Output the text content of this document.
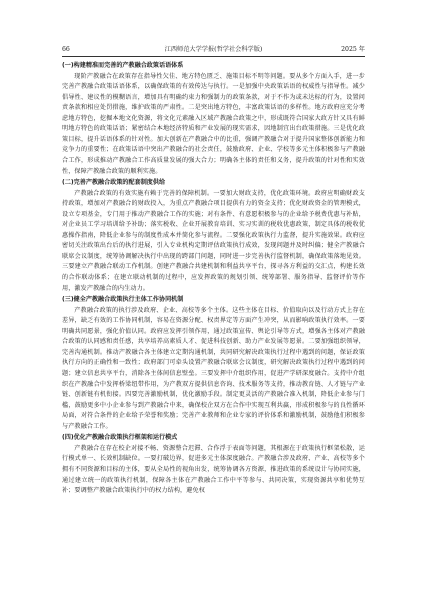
66	江西师范大学学报(哲学社会科学版)	2025 年
(一)构建精准而完善的产教融合政策话语体系

现阶产教融合在政策存在指导性欠佳、地方特色匮乏、施策目标不明等问题。要从多个方面入手，进一步完善产教融合政策话语体系，以确保政策的有效传达与执行。一是加强中央政策话语的权威性与指导性。减少倡导性、建议性的模糊语言，增加具有明确约束力和强制力的政策条款，对于不作为或未达标的行为，设置问责条款和相应处罚措施，维护政策的严肃性。二是突出地方特色，丰富政策话语的多样性。地方政府应充分考虑地方特色，挖掘本地文化资源，将文化元素融入区域产教融合政策之中，形成既符合国家大政方针又具有鲜明地方特色的政策话语；紧密结合本地经济特质和产业发展的现实需求，因地制宜出台政策措施。三是优化政策目标，提升话语体系的针对性。加大创新在产教融合中的比重，强调产教融合对于提升国家整体创新能力和竞争力的重要性；在政策话语中突出产教融合的社会责任，鼓励政府、企业、学校等多元主体积极参与产教融合工作，形成推动产教融合工作高质量发展的强大合力；明确各主体的责任和义务，提升政策的针对性和实效性，保障产教融合政策的顺利实施。

(二)完善产教融合政策的配套制度供给

产教融合政策的有效实施有赖于完善的保障机制。一要加大财政支持，优化政策环境。政府应明确财政支持政策，增加对产教融合的财政投入，为重点产教融合项目提供有力的资金支持；优化财政资金的管理模式，设立专项基金，专门用于推动产教融合工作的实施；对有条件、有意愿积极参与的企业给予税费优惠与补贴，对企业员工学习培训给予补助；落实税收、企业开展教育培训、实习实训的税收优惠政策，制定具体的税收优惠操作指南，降低企业参与的制度性成本并简化参与流程。二要强化政策执行力监督，提升实施效果。政府应密切关注政策出台后的执行进展，引入专业机构定期评估政策执行成效，发现问题并及时纠偏；健全产教融合联席会议制度，统筹协调解决执行中出现的跨部门问题，同时进一步完善执行监督机制，确保政策落地见效。三要建立产教融合联动工作机制。创建产教融合共建机制和利益共享平台，探寻各方利益的交汇点，构建长效的合作联动体系；在建立联动机制的过程中，应发挥政策的规划引领、统筹部署、服务指导、监督评价等作用，激发产教融合的内生动力。

(三)健全产教融合政策执行主体工作协同机制

产教融合政策的执行涉及政府、企业、高校等多个主体。这些主体在目标、价值取向以及行动方式上存在差异，缺乏有效的工作协同机制，容易在资源分配、权责界定等方面产生冲突，从而影响政策执行效率。一要明确共同愿景，强化价值认同。政府应发挥引领作用，通过政策宣传、舆论引导等方式，增强各主体对产教融合政策的认同感和责任感，共享培养高素质人才、促进科技创新、助力产业发展等愿景。二要加强组织领导，完善沟通机制。推动产教融合各主体建立定期沟通机制，共同研究解决政策执行过程中遇到的问题，保证政策执行方向的正确性和一致性；政府部门可牵头设置产教融合联席会议制度，研究解决政策执行过程中遇到的问题；建立信息共享平台，消除各主体间信息壁垒。三要发挥中介组织作用，促进产学研深度融合。支持中介组织在产教融合中发挥桥梁纽带作用，为产教双方提供信息咨询、技术服务等支持，推动教育链、人才链与产业链、创新链有机衔接。四要完善激励机制，优化激励手段。制定更灵活的产教融合准入机制，降低企业参与门槛，鼓励更多中小企业参与到产教融合中来，确保校企双方在合作中实现互利共赢，形成积极参与的良性循环局面，对符合条件的企业给予荣誉和奖励；完善产业教师和企业专家的评价体系和激励机制，鼓励他们积极参与产教融合工作。

(四)优化产教融合政策执行框架和运行模式

产教融合在存在校企对接不畅、资源整合迟滞、合作浮于表面等问题，其根源在于政策执行框架松散，运行模式单一、长效机制缺位。一要打破边界，促进多元主体深度融合。产教融合涉及政府、产业、高校等多个拥有不同资源和目标的主体，要从全局性的视角出发，统筹协调各方资源，推进政策的系统设计与协同实施，通过建立统一的政策执行机制，保障各主体在产教融合工作中平等参与、共同决策，实现资源共享和优势互补；要调整产教融合政策执行中的权力结构，避免权
